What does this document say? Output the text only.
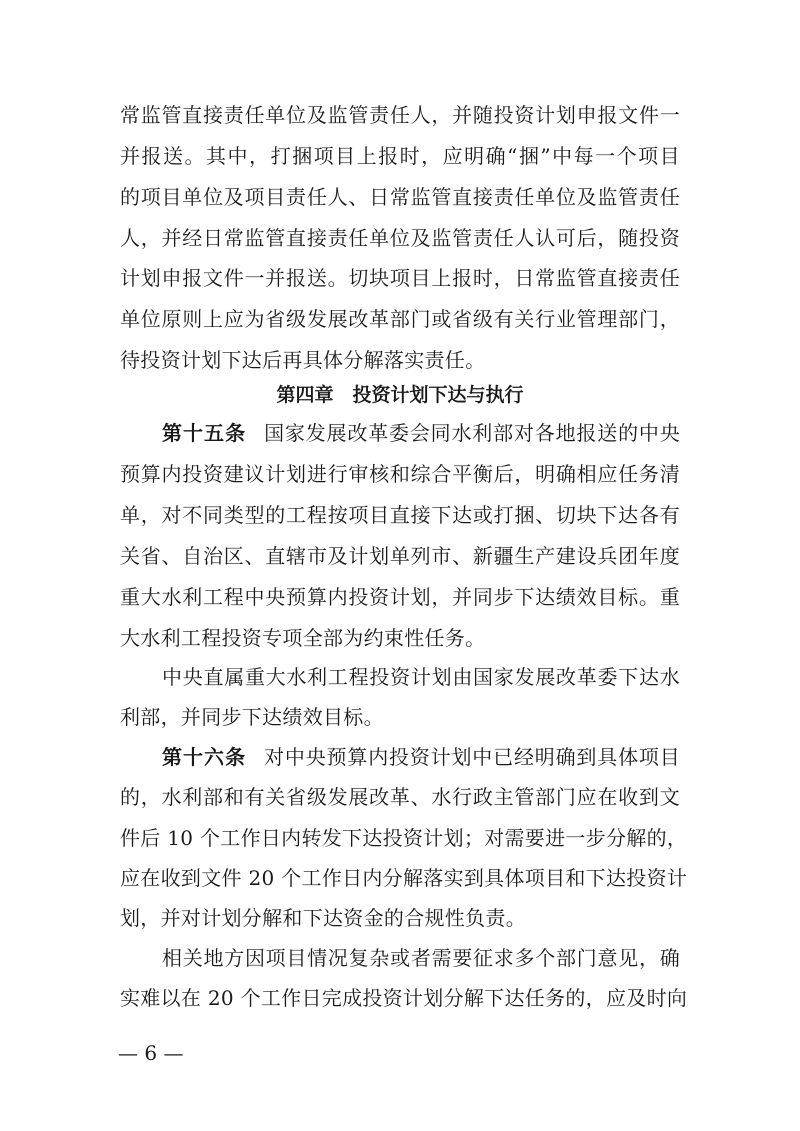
常监管直接责任单位及监管责任人，并随投资计划申报文件一
并报送。其中，打捆项目上报时，应明确“捆”中每一个项目
的项目单位及项目责任人、日常监管直接责任单位及监管责任
人，并经日常监管直接责任单位及监管责任人认可后，随投资
计划申报文件一并报送。切块项目上报时，日常监管直接责任
单位原则上应为省级发展改革部门或省级有关行业管理部门，
待投资计划下达后再具体分解落实责任。
第四章　投资计划下达与执行
第十五条 国家发展改革委会同水利部对各地报送的中央
预算内投资建议计划进行审核和综合平衡后，明确相应任务清
单，对不同类型的工程按项目直接下达或打捆、切块下达各有
关省、自治区、直辖市及计划单列市、新疆生产建设兵团年度
重大水利工程中央预算内投资计划，并同步下达绩效目标。重
大水利工程投资专项全部为约束性任务。
中央直属重大水利工程投资计划由国家发展改革委下达水
利部，并同步下达绩效目标。
第十六条 对中央预算内投资计划中已经明确到具体项目
的，水利部和有关省级发展改革、水行政主管部门应在收到文
件后 10 个工作日内转发下达投资计划；对需要进一步分解的，
应在收到文件 20 个工作日内分解落实到具体项目和下达投资计
划，并对计划分解和下达资金的合规性负责。
相关地方因项目情况复杂或者需要征求多个部门意见，确
实难以在 20 个工作日完成投资计划分解下达任务的，应及时向
— 6 —
